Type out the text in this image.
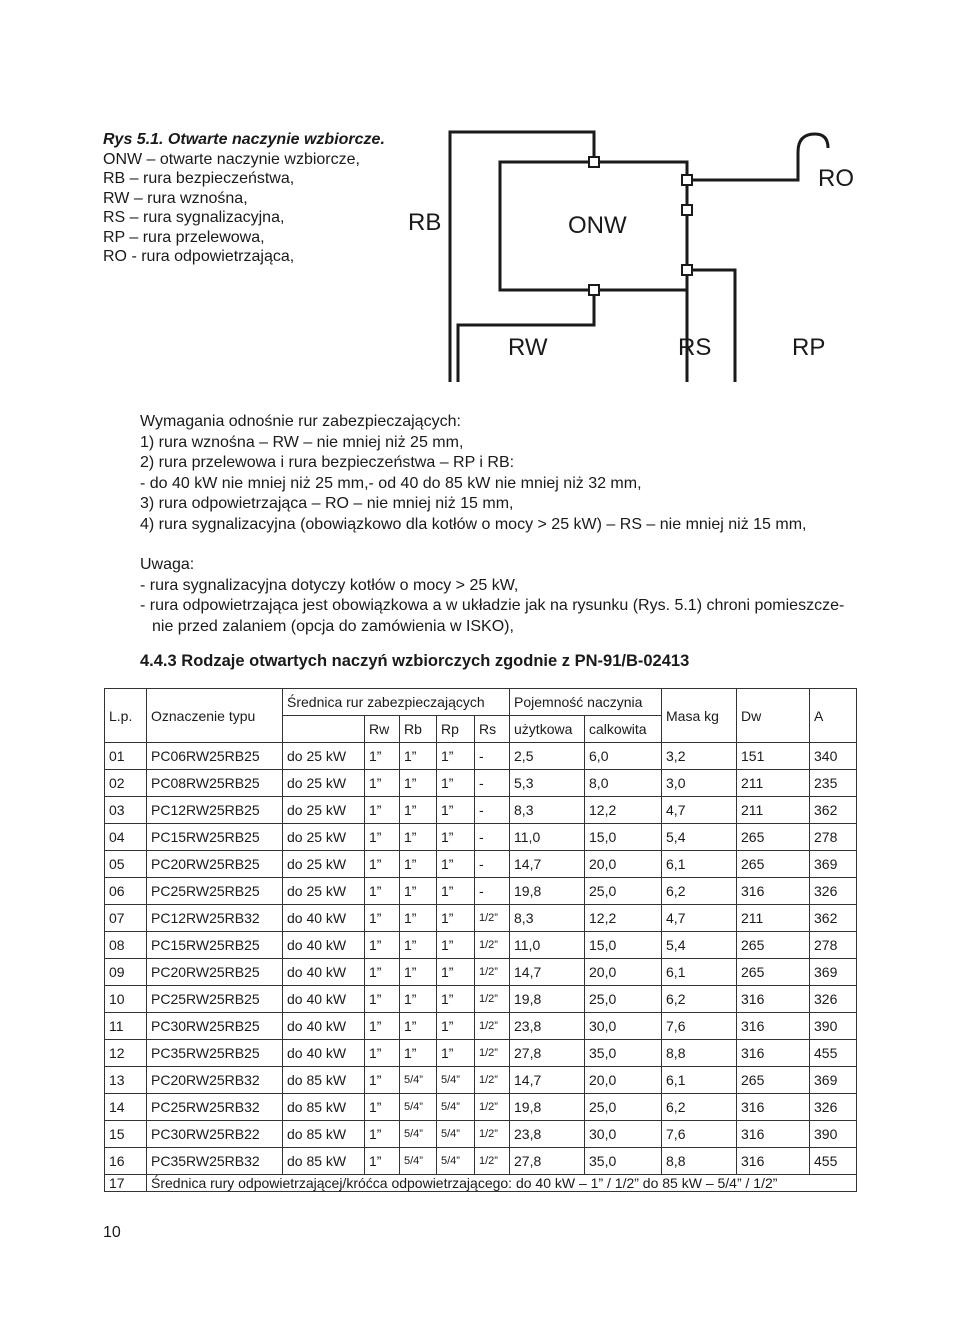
Rys 5.1. Otwarte naczynie wzbiorcze.
ONW – otwarte naczynie wzbiorcze,
RB – rura bezpieczeństwa,
RW – rura wznośna,
RS – rura sygnalizacyjna,
RP – rura przelewowa,
RO - rura odpowietrzająca,
RB	ONW
RO
RW	RS	RP
Wymagania odnośnie rur zabezpieczających:
1) rura wznośna – RW – nie mniej niż 25 mm,
2) rura przelewowa i rura bezpieczeństwa – RP i RB:
- do 40 kW nie mniej niż 25 mm,- od 40 do 85 kW nie mniej niż 32 mm,
3) rura odpowietrzająca – RO – nie mniej niż 15 mm,
4) rura sygnalizacyjna (obowiązkowo dla kotłów o mocy > 25 kW) – RS – nie mniej niż 15 mm,
Uwaga:
- rura sygnalizacyjna dotyczy kotłów o mocy > 25 kW,
- rura odpowietrzająca jest obowiązkowa a w układzie jak na rysunku (Rys. 5.1) chroni pomieszcze-
nie przed zalaniem (opcja do zamówienia w ISKO),
4.4.3 Rodzaje otwartych naczyń wzbiorczych zgodnie z PN-91/B-02413
L.p.	Oznaczenie typu	Średnica rur zabezpieczających					Pojemność naczynia		Masa kg	Dw	A
			Rw	Rb	Rp	Rs	użytkowa	calkowita			
01	PC06RW25RB25	do 25 kW	1”	1”	1”	-	2,5	6,0	3,2	151	340
02	PC08RW25RB25	do 25 kW	1”	1”	1”	-	5,3	8,0	3,0	211	235
03	PC12RW25RB25	do 25 kW	1”	1”	1”	-	8,3	12,2	4,7	211	362
04	PC15RW25RB25	do 25 kW	1”	1”	1”	-	11,0	15,0	5,4	265	278
05	PC20RW25RB25	do 25 kW	1”	1”	1”	-	14,7	20,0	6,1	265	369
06	PC25RW25RB25	do 25 kW	1”	1”	1”	-	19,8	25,0	6,2	316	326
07	PC12RW25RB32	do 40 kW	1”	1”	1”	1/2”	8,3	12,2	4,7	211	362
08	PC15RW25RB25	do 40 kW	1”	1”	1”	1/2”	11,0	15,0	5,4	265	278
09	PC20RW25RB25	do 40 kW	1”	1”	1”	1/2”	14,7	20,0	6,1	265	369
10	PC25RW25RB25	do 40 kW	1”	1”	1”	1/2”	19,8	25,0	6,2	316	326
11	PC30RW25RB25	do 40 kW	1”	1”	1”	1/2”	23,8	30,0	7,6	316	390
12	PC35RW25RB25	do 40 kW	1”	1”	1”	1/2”	27,8	35,0	8,8	316	455
13	PC20RW25RB32	do 85 kW	1”	5/4”	5/4”	1/2”	14,7	20,0	6,1	265	369
14	PC25RW25RB32	do 85 kW	1”	5/4”	5/4”	1/2”	19,8	25,0	6,2	316	326
15	PC30RW25RB22	do 85 kW	1”	5/4”	5/4”	1/2”	23,8	30,0	7,6	316	390
16	PC35RW25RB32	do 85 kW	1”	5/4”	5/4”	1/2”	27,8	35,0	8,8	316	455
17	Średnica rury odpowietrzającej/króćca odpowietrzającego: do 40 kW – 1” / 1/2” do 85 kW – 5/4” / 1/2”										
10
